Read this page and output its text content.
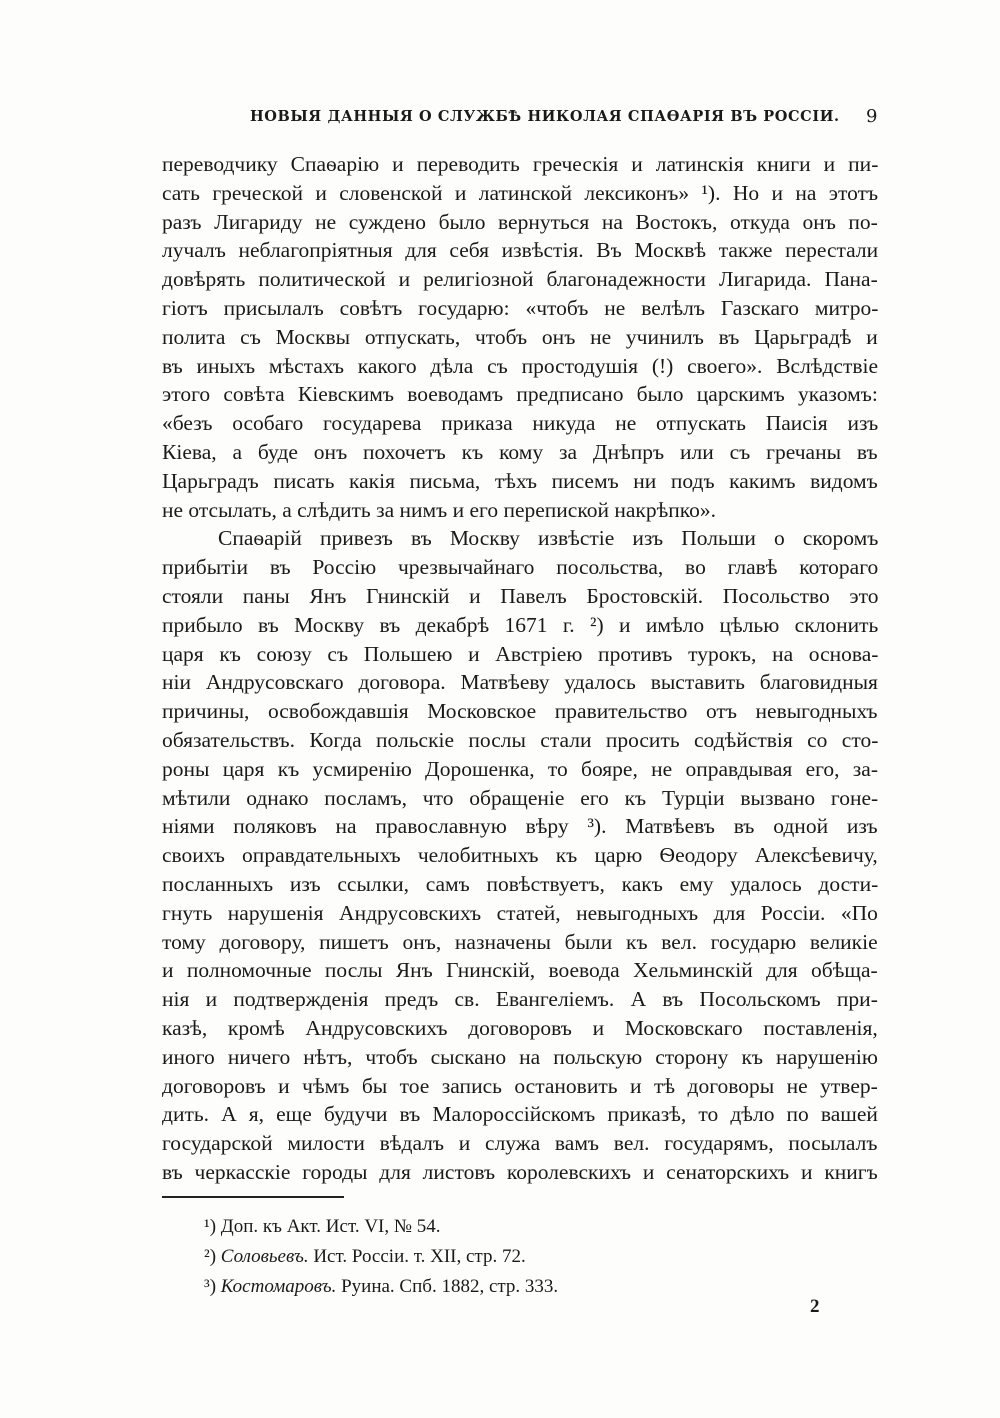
НОВЫЯ ДАННЫЯ О СЛУЖБѢ НИКОЛАЯ СПАѲАРІЯ ВЪ РОССІИ. 9
переводчику Спаѳарію и переводить греческія и латинскія книги и пи-
сать греческой и словенской и латинской лексиконъ» ¹). Но и на этотъ
разъ Лигариду не суждено было вернуться на Востокъ, откуда онъ по-
лучалъ неблагопріятныя для себя извѣстія. Въ Москвѣ также перестали
довѣрять политической и религіозной благонадежности Лигарида. Пана-
гіотъ присылалъ совѣтъ государю: «чтобъ не велѣлъ Газскаго митро-
полита съ Москвы отпускать, чтобъ онъ не учинилъ въ Царьградѣ и
въ иныхъ мѣстахъ какого дѣла съ простодушія (!) своего». Вслѣдствіе
этого совѣта Кіевскимъ воеводамъ предписано было царскимъ указомъ:
«безъ особаго государева приказа никуда не отпускать Паисія изъ
Кіева, а буде онъ похочетъ къ кому за Днѣпръ или съ гречаны въ
Царьградъ писать какія письма, тѣхъ писемъ ни подъ какимъ видомъ
не отсылать, а слѣдить за нимъ и его перепиской накрѣпко».
Спаѳарій привезъ въ Москву извѣстіе изъ Польши о скоромъ
прибытіи въ Россію чрезвычайнаго посольства, во главѣ котораго
стояли паны Янъ Гнинскій и Павелъ Бростовскій. Посольство это
прибыло въ Москву въ декабрѣ 1671 г. ²) и имѣло цѣлью склонить
царя къ союзу съ Польшею и Австріею противъ турокъ, на основа-
ніи Андрусовскаго договора. Матвѣеву удалось выставить благовидныя
причины, освобождавшія Московское правительство отъ невыгодныхъ
обязательствъ. Когда польскіе послы стали просить содѣйствія со сто-
роны царя къ усмиренію Дорошенка, то бояре, не оправдывая его, за-
мѣтили однако посламъ, что обращеніе его къ Турціи вызвано гоне-
ніями поляковъ на православную вѣру ³). Матвѣевъ въ одной изъ
своихъ оправдательныхъ челобитныхъ къ царю Ѳеодору Алексѣевичу,
посланныхъ изъ ссылки, самъ повѣствуетъ, какъ ему удалось дости-
гнуть нарушенія Андрусовскихъ статей, невыгодныхъ для Россіи. «По
тому договору, пишетъ онъ, назначены были къ вел. государю великіе
и полномочные послы Янъ Гнинскій, воевода Хельминскій для обѣща-
нія и подтвержденія предъ св. Евангеліемъ. А въ Посольскомъ при-
казѣ, кромѣ Андрусовскихъ договоровъ и Московскаго поставленія,
иного ничего нѣтъ, чтобъ сыскано на польскую сторону къ нарушенію
договоровъ и чѣмъ бы тое запись остановить и тѣ договоры не утвер-
дить. А я, еще будучи въ Малороссійскомъ приказѣ, то дѣло по вашей
государской милости вѣдалъ и служа вамъ вел. государямъ, посылалъ
въ черкасскіе городы для листовъ королевскихъ и сенаторскихъ и книгъ
¹) Доп. къ Акт. Ист. VI, № 54.
²) Соловьевъ. Ист. Россіи. т. XII, стр. 72.
³) Костомаровъ. Руина. Спб. 1882, стр. 333.
2
